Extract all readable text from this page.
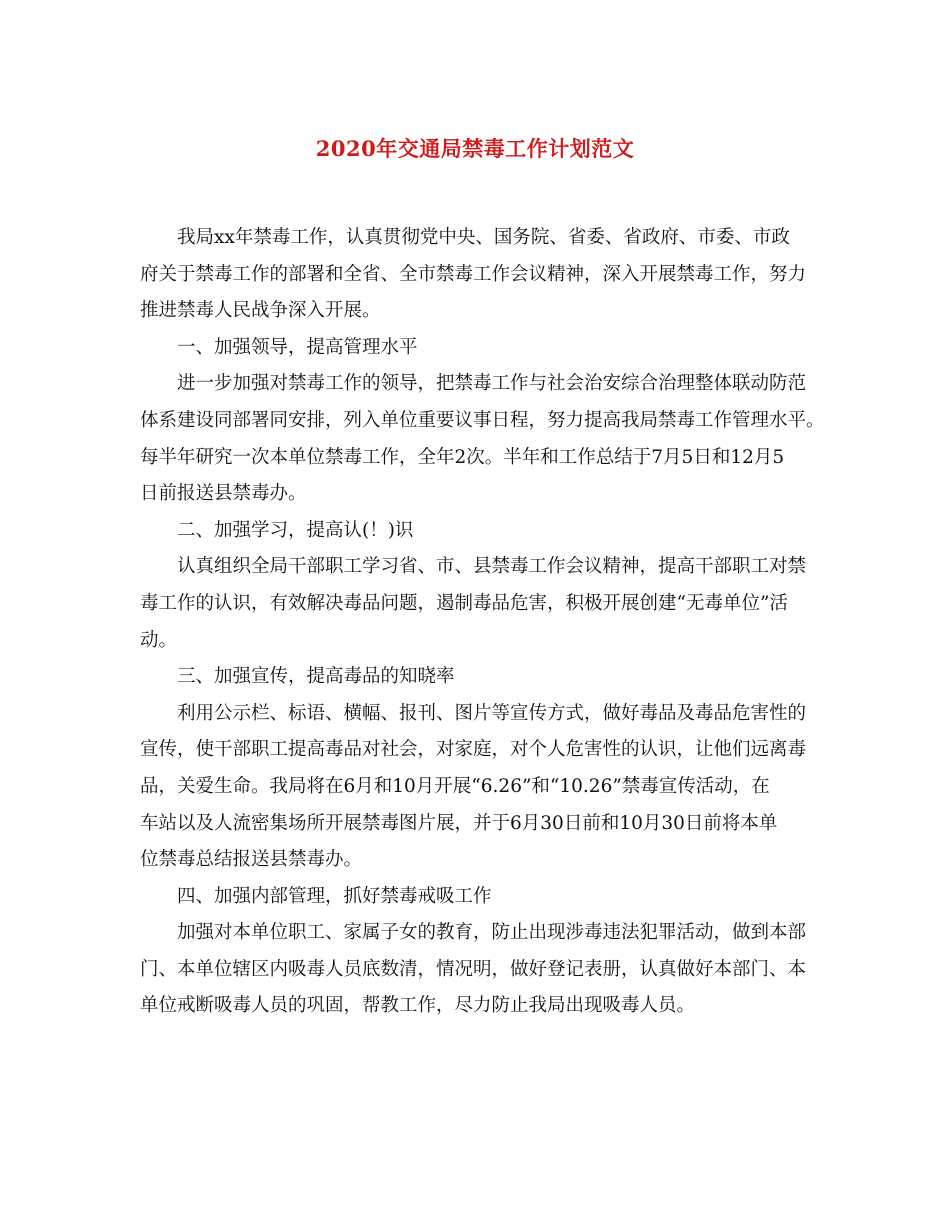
2020年交通局禁毒工作计划范文
我局xx年禁毒工作，认真贯彻党中央、国务院、省委、省政府、市委、市政
府关于禁毒工作的部署和全省、全市禁毒工作会议精神，深入开展禁毒工作，努力
推进禁毒人民战争深入开展。
一、加强领导，提高管理水平
进一步加强对禁毒工作的领导，把禁毒工作与社会治安综合治理整体联动防范
体系建设同部署同安排，列入单位重要议事日程，努力提高我局禁毒工作管理水平。
每半年研究一次本单位禁毒工作，全年2次。半年和工作总结于7月5日和12月5
日前报送县禁毒办。
二、加强学习，提高认(！)识
认真组织全局干部职工学习省、市、县禁毒工作会议精神，提高干部职工对禁
毒工作的认识，有效解决毒品问题，遏制毒品危害，积极开展创建“无毒单位”活
动。
三、加强宣传，提高毒品的知晓率
利用公示栏、标语、横幅、报刊、图片等宣传方式，做好毒品及毒品危害性的
宣传，使干部职工提高毒品对社会，对家庭，对个人危害性的认识，让他们远离毒
品，关爱生命。我局将在6月和10月开展“6.26”和“10.26”禁毒宣传活动，在
车站以及人流密集场所开展禁毒图片展，并于6月30日前和10月30日前将本单
位禁毒总结报送县禁毒办。
四、加强内部管理，抓好禁毒戒吸工作
加强对本单位职工、家属子女的教育，防止出现涉毒违法犯罪活动，做到本部
门、本单位辖区内吸毒人员底数清，情况明，做好登记表册，认真做好本部门、本
单位戒断吸毒人员的巩固，帮教工作，尽力防止我局出现吸毒人员。
